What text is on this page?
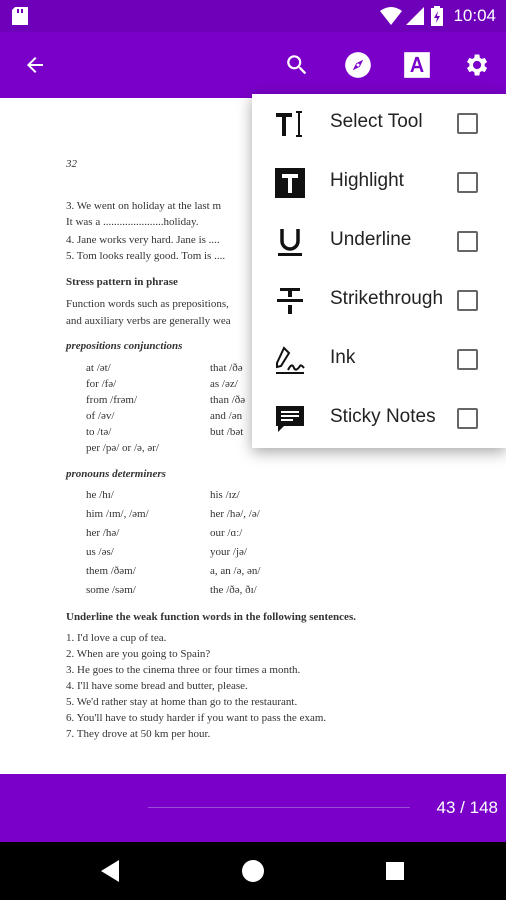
10:04
32
3. We went on holiday at the last m
It was a ......................holiday.
4. Jane works very hard. Jane is ....
5. Tom looks really good. Tom is ....
Stress pattern in phrase
Function words such as prepositions,
and auxiliary verbs are generally wea
prepositions conjunctions
at /ət/	that /ðə
for /fə/	as /əz/
from /frəm/	than /ðə
of /əv/	and /ən
to /tə/	but /bət
per /pə/ or /ə, ər/
pronouns determiners
he /hɪ/	his /ɪz/
him /ɪm/, /əm/	her /hə/, /ə/
her /hə/	our /ɑː/
us /əs/	your /jə/
them /ðəm/	a, an /ə, ən/
some /səm/	the /ðə, ðɪ/
Underline the weak function words in the following sentences.
1. I'd love a cup of tea.
2. When are you going to Spain?
3. He goes to the cinema three or four times a month.
4. I'll have some bread and butter, please.
5. We'd rather stay at home than go to the restaurant.
6. You'll have to study harder if you want to pass the exam.
7. They drove at 50 km per hour.
43 / 148
Select Tool
Highlight
Underline
Strikethrough
Ink
Sticky Notes
